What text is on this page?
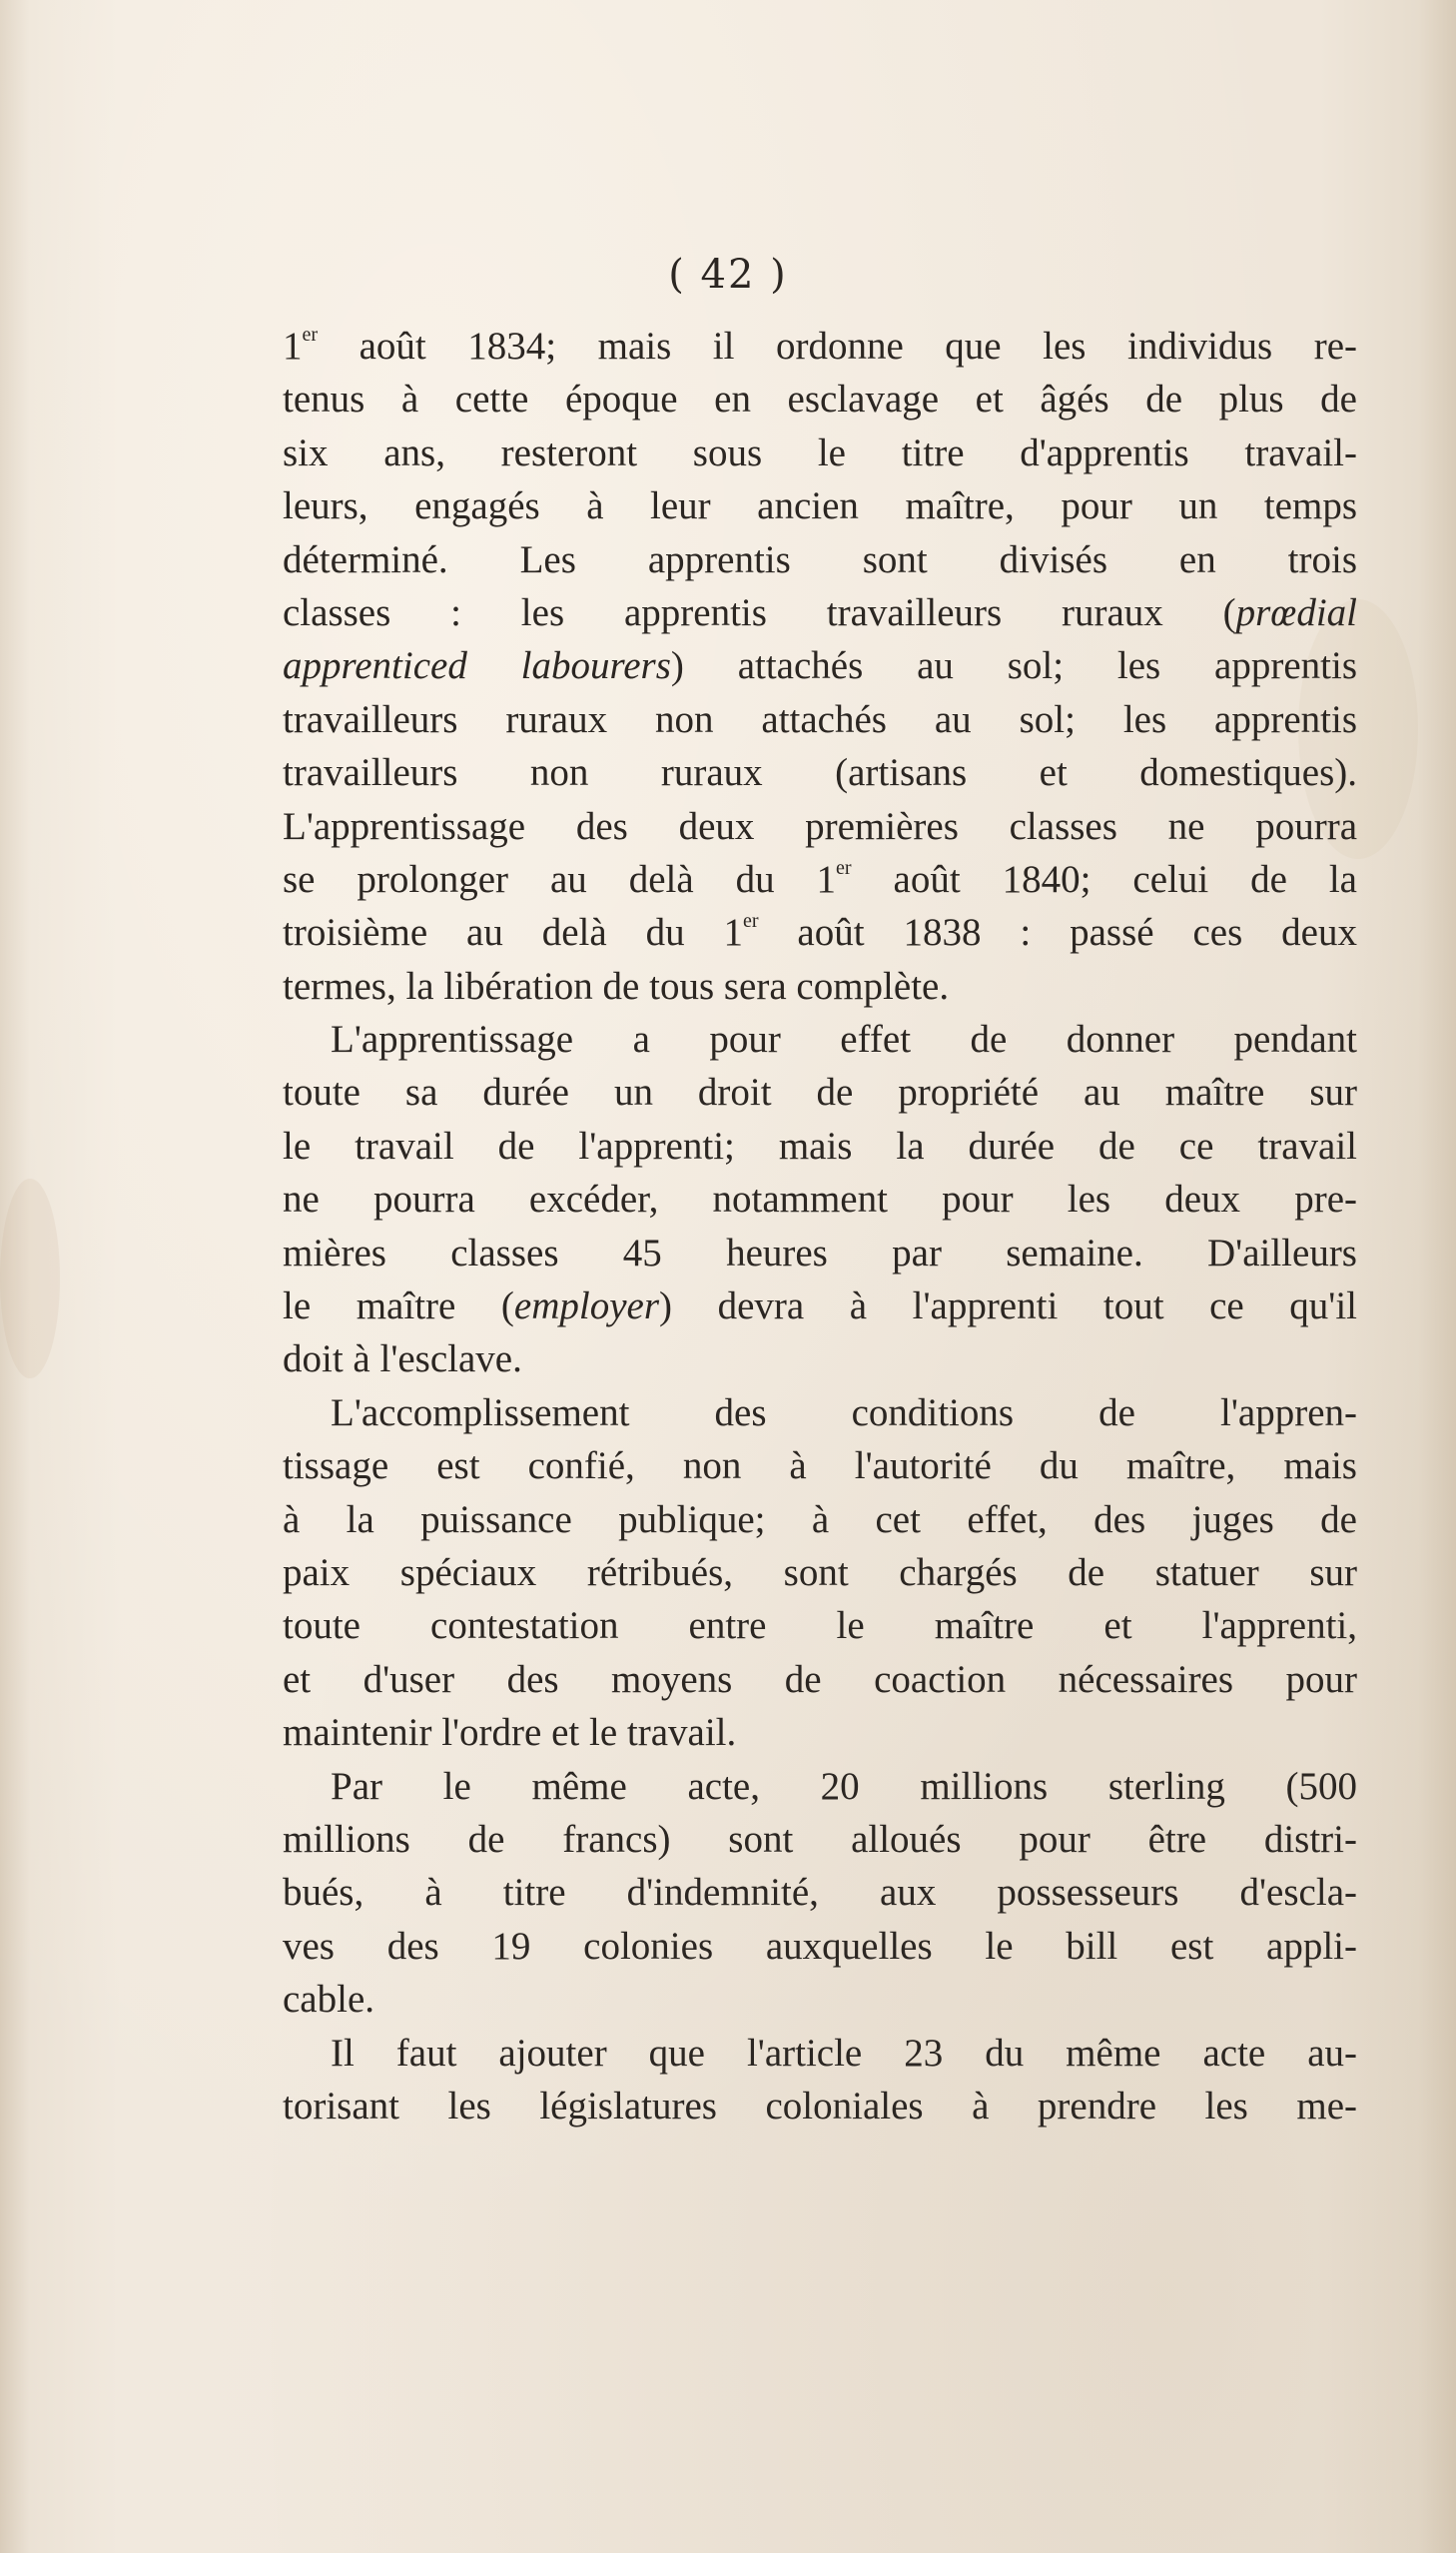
( 42 )
1er août 1834; mais il ordonne que les individus re-
tenus à cette époque en esclavage et âgés de plus de
six ans, resteront sous le titre d'apprentis travail-
leurs, engagés à leur ancien maître, pour un temps
déterminé. Les apprentis sont divisés en trois
classes : les apprentis travailleurs ruraux (prœdial
apprenticed labourers) attachés au sol; les apprentis
travailleurs ruraux non attachés au sol; les apprentis
travailleurs non ruraux (artisans et domestiques).
L'apprentissage des deux premières classes ne pourra
se prolonger au delà du 1er août 1840; celui de la
troisième au delà du 1er août 1838 : passé ces deux
termes, la libération de tous sera complète.
L'apprentissage a pour effet de donner pendant
toute sa durée un droit de propriété au maître sur
le travail de l'apprenti; mais la durée de ce travail
ne pourra excéder, notamment pour les deux pre-
mières classes 45 heures par semaine. D'ailleurs
le maître (employer) devra à l'apprenti tout ce qu'il
doit à l'esclave.
L'accomplissement des conditions de l'appren-
tissage est confié, non à l'autorité du maître, mais
à la puissance publique; à cet effet, des juges de
paix spéciaux rétribués, sont chargés de statuer sur
toute contestation entre le maître et l'apprenti,
et d'user des moyens de coaction nécessaires pour
maintenir l'ordre et le travail.
Par le même acte, 20 millions sterling (500
millions de francs) sont alloués pour être distri-
bués, à titre d'indemnité, aux possesseurs d'escla-
ves des 19 colonies auxquelles le bill est appli-
cable.
Il faut ajouter que l'article 23 du même acte au-
torisant les législatures coloniales à prendre les me-
